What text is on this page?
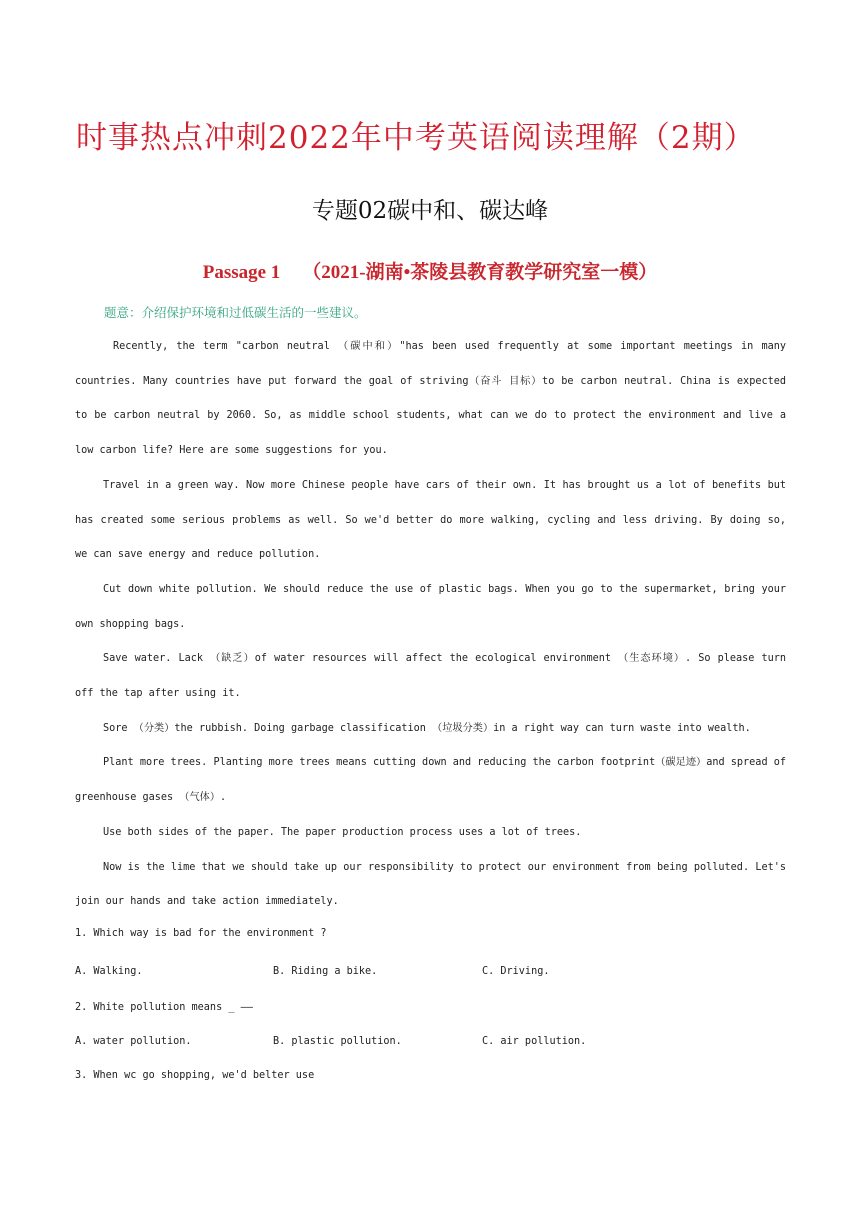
时事热点冲刺2022年中考英语阅读理解（2期）
专题02碳中和、碳达峰
Passage 1 （2021-湖南•茶陵县教育教学研究室一模）

题意：介绍保护环境和过低碳生活的一些建议。

Recently, the term "carbon neutral （碳中和）"has been used frequently at some important meetings in many countries. Many countries have put forward the goal of striving（奋斗 目标）to be carbon neutral. China is expected to be carbon neutral by 2060. So, as middle school students, what can we do to protect the environment and live a low carbon life? Here are some suggestions for you.

Travel in a green way. Now more Chinese people have cars of their own. It has brought us a lot of benefits but has created some serious problems as well. So we'd better do more walking, cycling and less driving. By doing so, we can save energy and reduce pollution.

Cut down white pollution. We should reduce the use of plastic bags. When you go to the supermarket, bring your own shopping bags.

Save water. Lack （缺乏）of water resources will affect the ecological environment （生态环境）. So please turn off the tap after using it.

Sore （分类）the rubbish. Doing garbage classification （垃圾分类）in a right way can turn waste into wealth.

Plant more trees. Planting more trees means cutting down and reducing the carbon footprint（碳足迹）and spread of greenhouse gases （气体）.

Use both sides of the paper. The paper production process uses a lot of trees.

Now is the lime that we should take up our responsibility to protect our environment from being polluted. Let's join our hands and take action immediately.

1. Which way is bad for the environment ?
A. Walking.	B. Riding a bike.	C. Driving.
2. White pollution means _ ——
A. water pollution.	B. plastic pollution.	C. air pollution.
3. When wc go shopping, we'd belter use
